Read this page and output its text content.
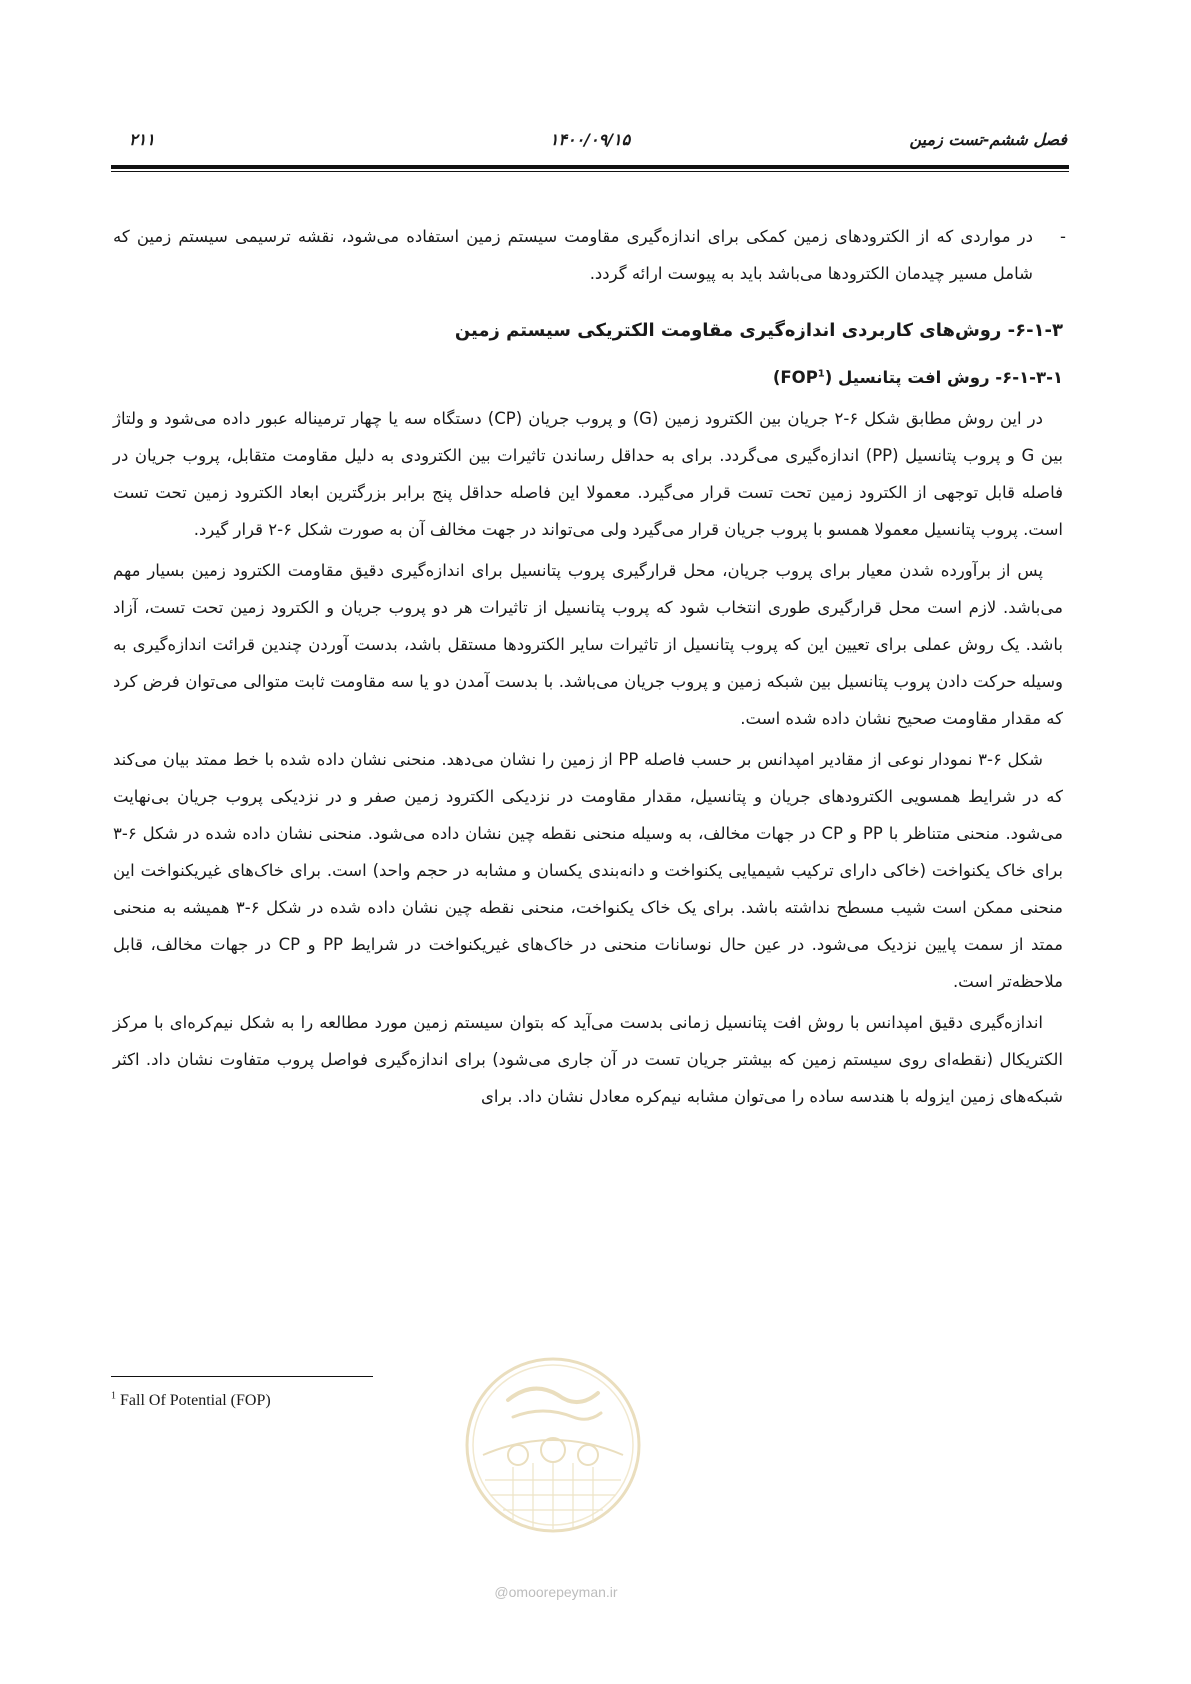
فصل ششم-تست زمین
۱۴۰۰/۰۹/۱۵
۲۱۱

-در مواردی که از الکترودهای زمین کمکی برای اندازه‌گیری مقاومت سیستم زمین استفاده می‌شود، نقشه ترسیمی سیستم زمین که شامل مسیر چیدمان الکترودها می‌باشد باید به پیوست ارائه گردد.

۶-۱-۳- روش‌های کاربردی اندازه‌گیری مقاومت الکتریکی سیستم زمین

۶-۱-۳-۱- روش افت پتانسیل (FOP$^1$)

در این روش مطابق شکل ۶-۲ جریان بین الکترود زمین (G) و پروب جریان (CP) دستگاه سه یا چهار ترمیناله عبور داده می‌شود و ولتاژ بین G و پروب پتانسیل (PP) اندازه‌گیری می‌گردد. برای به حداقل رساندن تاثیرات بین الکترودی به دلیل مقاومت متقابل، پروب جریان در فاصله قابل توجهی از الکترود زمین تحت تست قرار می‌گیرد. معمولا این فاصله حداقل پنج برابر بزرگترین ابعاد الکترود زمین تحت تست است. پروب پتانسیل معمولا همسو با پروب جریان قرار می‌گیرد ولی می‌تواند در جهت مخالف آن به صورت شکل ۶-۲ قرار گیرد.

پس از برآورده شدن معیار برای پروب جریان، محل قرارگیری پروب پتانسیل برای اندازه‌گیری دقیق مقاومت الکترود زمین بسیار مهم می‌باشد. لازم است محل قرارگیری طوری انتخاب شود که پروب پتانسیل از تاثیرات هر دو پروب جریان و الکترود زمین تحت تست، آزاد باشد. یک روش عملی برای تعیین این که پروب پتانسیل از تاثیرات سایر الکترودها مستقل باشد، بدست آوردن چندین قرائت اندازه‌گیری به وسیله حرکت دادن پروب پتانسیل بین شبکه زمین و پروب جریان می‌باشد. با بدست آمدن دو یا سه مقاومت ثابت متوالی می‌توان فرض کرد که مقدار مقاومت صحیح نشان داده شده است.

شکل ۶-۳ نمودار نوعی از مقادیر امپدانس بر حسب فاصله PP از زمین را نشان می‌دهد. منحنی نشان داده شده با خط ممتد بیان می‌کند که در شرایط همسویی الکترودهای جریان و پتانسیل، مقدار مقاومت در نزدیکی الکترود زمین صفر و در نزدیکی پروب جریان بی‌نهایت می‌شود. منحنی متناظر با PP و CP در جهات مخالف، به وسیله منحنی نقطه چین نشان داده می‌شود. منحنی نشان داده شده در شکل ۶-۳ برای خاک یکنواخت (خاکی دارای ترکیب شیمیایی یکنواخت و دانه‌بندی یکسان و مشابه در حجم واحد) است. برای خاک‌های غیریکنواخت این منحنی ممکن است شیب مسطح نداشته باشد. برای یک خاک یکنواخت، منحنی نقطه چین نشان داده شده در شکل ۶-۳ همیشه به منحنی ممتد از سمت پایین نزدیک می‌شود. در عین حال نوسانات منحنی در خاک‌های غیریکنواخت در شرایط PP و CP در جهات مخالف، قابل ملاحظه‌تر است.

اندازه‌گیری دقیق امپدانس با روش افت پتانسیل زمانی بدست می‌آید که بتوان سیستم زمین مورد مطالعه را به شکل نیم‌کره‌ای با مرکز الکتریکال (نقطه‌ای روی سیستم زمین که بیشتر جریان تست در آن جاری می‌شود) برای اندازه‌گیری فواصل پروب متفاوت نشان داد. اکثر شبکه‌های زمین ایزوله با هندسه ساده را می‌توان مشابه نیم‌کره معادل نشان داد. برای

$^1$ Fall Of Potential (FOP)
@omoorepeyman.ir
